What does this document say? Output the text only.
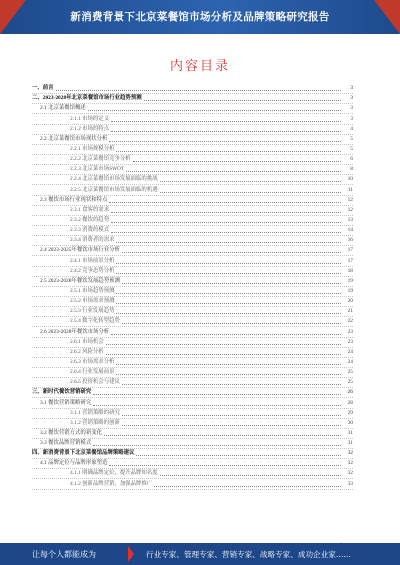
新消费背景下北京菜餐馆市场分析及品牌策略研究报告
内容目录
一、前言	3
二、2023-2028年北京菜餐馆市场行业趋势预测	3
2.1 北京菜餐馆概述	3
2.1.1 市场的定义	3
2.1.2 市场的特点	4
2.2 北京菜餐馆市场现状分析	5
2.2.1 市场规模分析	5
2.2.2 北京菜餐馆竞争分析	6
2.2.3 北京菜市场SWOT	8
2.2.4 北京菜餐馆市场发展面临的挑战	10
2.2.5 北京菜餐馆市场发展面临的机遇	11
2.3 餐饮市场行业现状和特点	12
2.3.1 食客的需求	12
2.3.2 餐饮的趋势	13
2.3.3 消费的模式	14
2.3.4 消费者的需求	16
2.4 2023-2025年餐饮市场行业分析	17
2.4.1 市场前景分析	17
2.4.2 竞争态势分析	18
2.5 2023-2028年餐饮发展趋势预测	19
2.5.1 市场趋势预测	19
2.5.2 市场需求预测	20
2.5.3 行业发展趋势	21
2.5.4 数字化转型趋势	22
2.6 2023-2028年餐饮市场分析	23
2.6.1 市场机会	23
2.6.2 风险分析	24
2.6.3 市场需求分析	24
2.6.4 行业发展前景	25
2.6.5 投资机会与建议	25
三、新时代餐饮营销研究	26
3.1 餐饮营销策略研究	28
3.1.1 营销策略的研究	29
3.1.2 营销策略的创新	30
3.2 餐饮营销方式的新变化	31
3.3 餐饮品牌营销模式	31
四、新消费背景下北京菜餐馆品牌策略建议	32
4.1 品牌定位与品牌形象塑造	32
4.1.1 明确品牌定位，提升品牌知名度	32
4.1.2 创新品牌营销，加强品牌推广	33
让每个人都能成为	行业专家、管理专家、营销专家、战略专家、成功企业家……
